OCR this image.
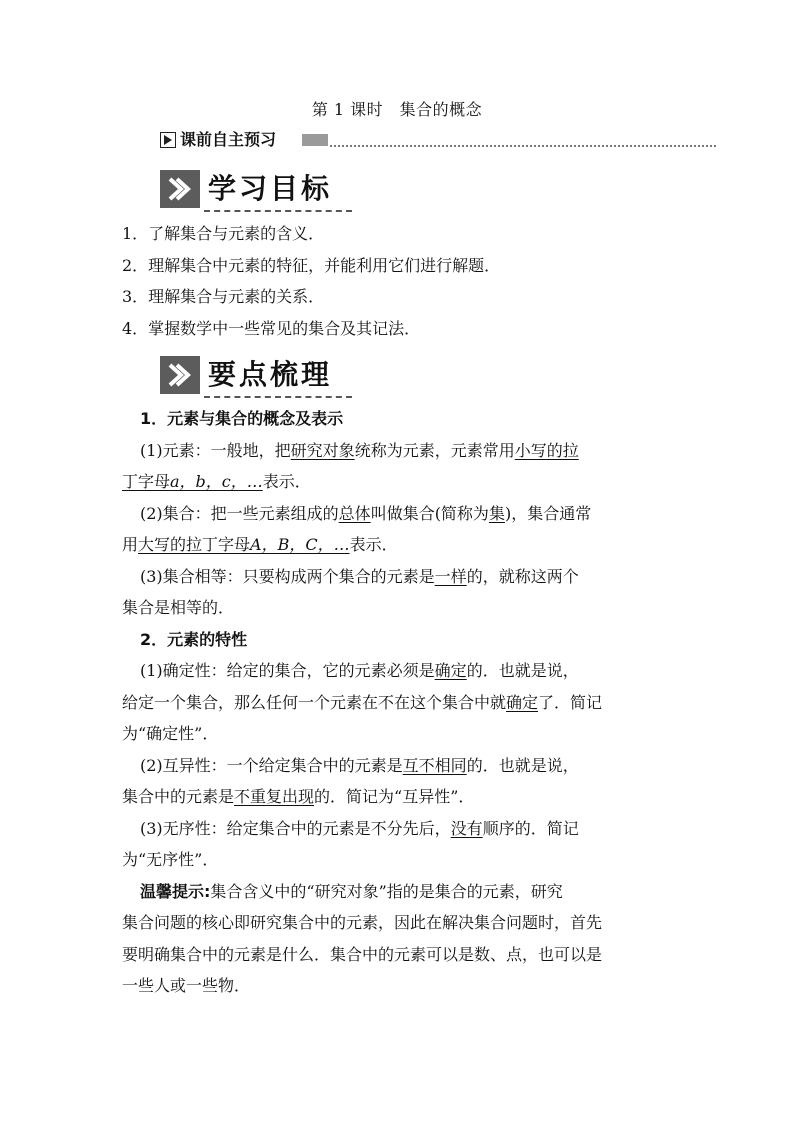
第 1 课时　集合的概念
课前自主预习
学习目标
1．了解集合与元素的含义．
2．理解集合中元素的特征，并能利用它们进行解题．
3．理解集合与元素的关系．
4．掌握数学中一些常见的集合及其记法．
要点梳理
1．元素与集合的概念及表示
(1)元素：一般地，把研究对象统称为元素，元素常用小写的拉
丁字母a，b，c，…表示．
(2)集合：把一些元素组成的总体叫做集合(简称为集)，集合通常
用大写的拉丁字母A，B，C，…表示．
(3)集合相等：只要构成两个集合的元素是一样的，就称这两个
集合是相等的．
2．元素的特性
(1)确定性：给定的集合，它的元素必须是确定的．也就是说，
给定一个集合，那么任何一个元素在不在这个集合中就确定了．简记
为“确定性”．
(2)互异性：一个给定集合中的元素是互不相同的．也就是说，
集合中的元素是不重复出现的．简记为“互异性”．
(3)无序性：给定集合中的元素是不分先后，没有顺序的．简记
为“无序性”．
温馨提示:集合含义中的“研究对象”指的是集合的元素，研究
集合问题的核心即研究集合中的元素，因此在解决集合问题时，首先
要明确集合中的元素是什么．集合中的元素可以是数、点，也可以是
一些人或一些物．
